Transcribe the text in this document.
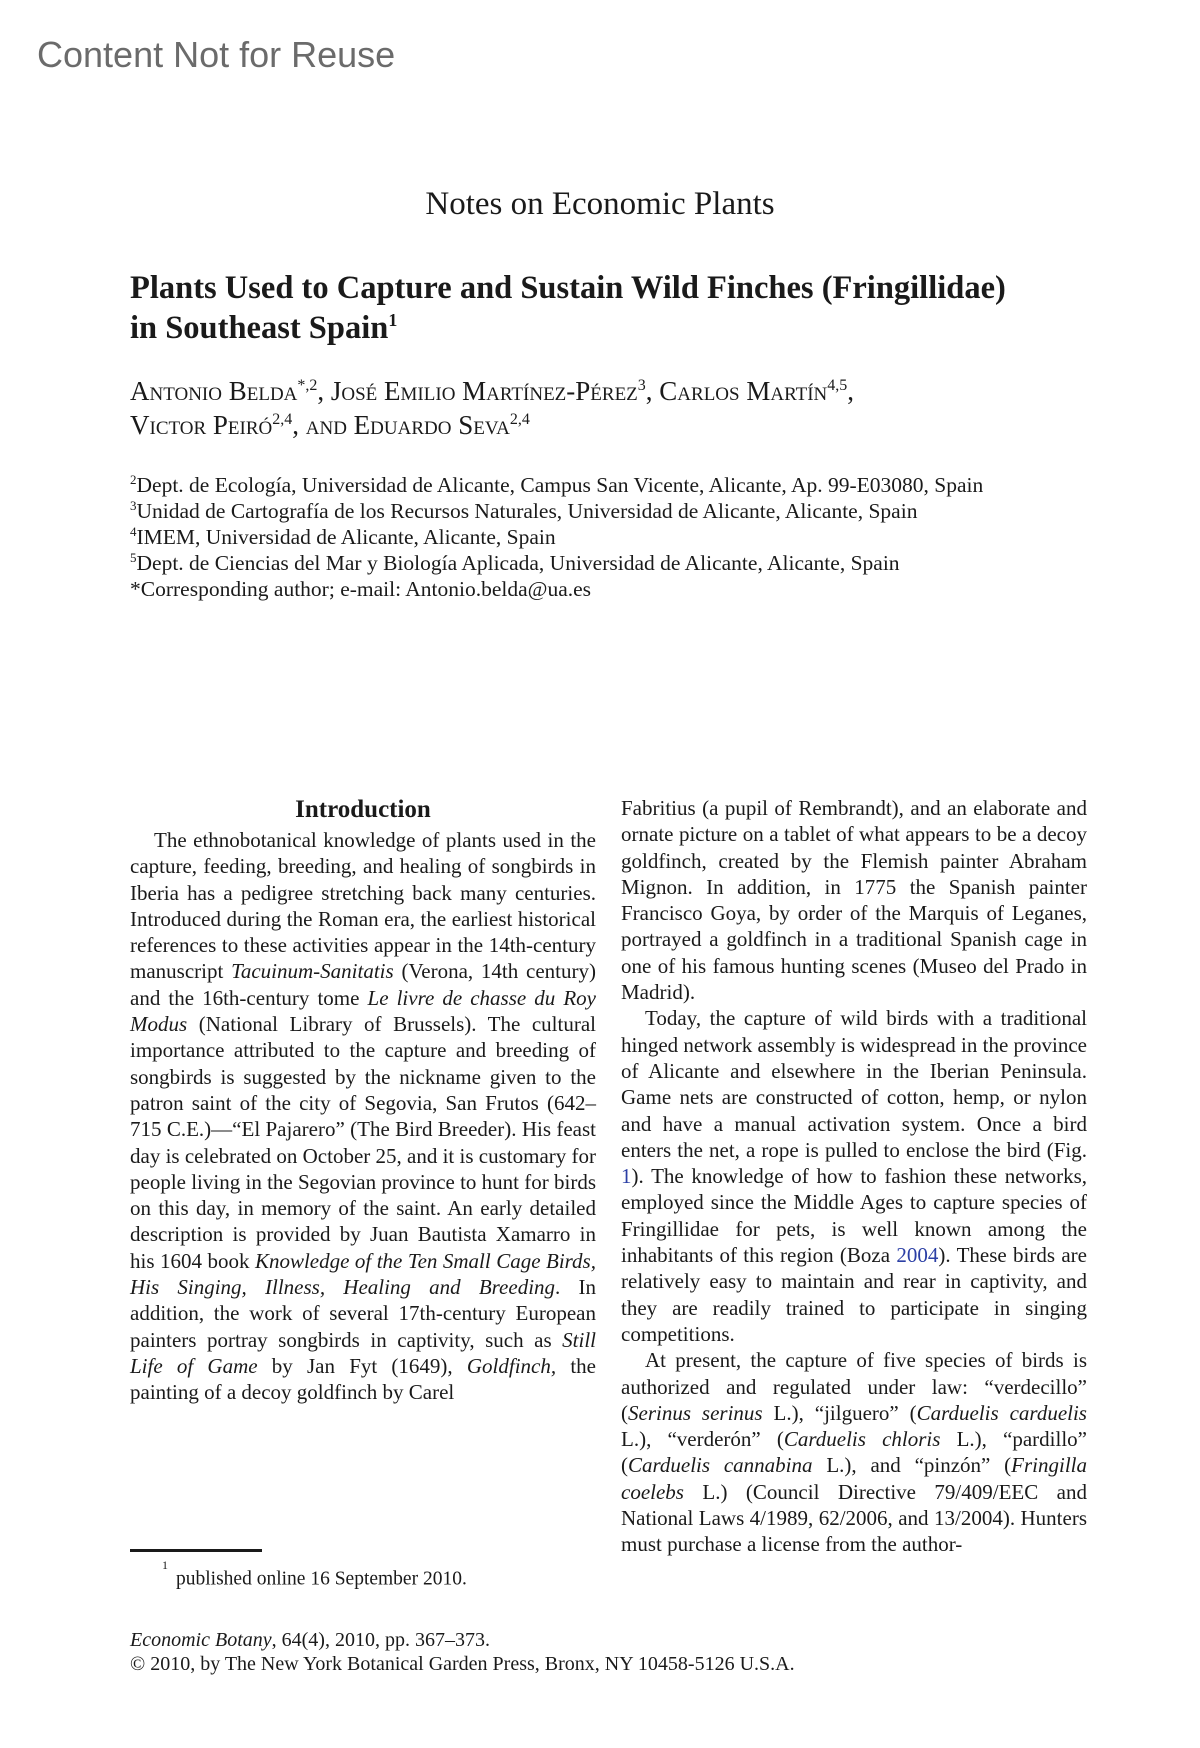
Content Not for Reuse
Notes on Economic Plants
Plants Used to Capture and Sustain Wild Finches (Fringillidae)
in Southeast Spain$^1$
Antonio Belda$^{*,2}$, José Emilio Martínez-Pérez$^3$, Carlos Martín$^{4,5}$,
Victor Peiró$^{2,4}$, and Eduardo Seva$^{2,4}$
$^2$Dept. de Ecología, Universidad de Alicante, Campus San Vicente, Alicante, Ap. 99-E03080, Spain
$^3$Unidad de Cartografía de los Recursos Naturales, Universidad de Alicante, Alicante, Spain
$^4$IMEM, Universidad de Alicante, Alicante, Spain
$^5$Dept. de Ciencias del Mar y Biología Aplicada, Universidad de Alicante, Alicante, Spain
*Corresponding author; e-mail: Antonio.belda@ua.es
Introduction

The ethnobotanical knowledge of plants used in the capture, feeding, breeding, and healing of songbirds in Iberia has a pedigree stretching back many centuries. Introduced during the Roman era, the earliest historical references to these activities appear in the 14th-century manuscript Tacuinum-Sanitatis (Verona, 14th century) and the 16th-century tome Le livre de chasse du Roy Modus (National Library of Brussels). The cultural importance attributed to the capture and breeding of songbirds is suggested by the nickname given to the patron saint of the city of Segovia, San Frutos (642–715 C.E.)—“El Pajarero” (The Bird Breeder). His feast day is celebrated on October 25, and it is customary for people living in the Segovian province to hunt for birds on this day, in memory of the saint. An early detailed description is provided by Juan Bautista Xamarro in his 1604 book Knowledge of the Ten Small Cage Birds, His Singing, Illness, Healing and Breeding. In addition, the work of several 17th-century European painters portray songbirds in captivity, such as Still Life of Game by Jan Fyt (1649), Goldfinch, the painting of a decoy goldfinch by Carel

Fabritius (a pupil of Rembrandt), and an elaborate and ornate picture on a tablet of what appears to be a decoy goldfinch, created by the Flemish painter Abraham Mignon. In addition, in 1775 the Spanish painter Francisco Goya, by order of the Marquis of Leganes, portrayed a goldfinch in a traditional Spanish cage in one of his famous hunting scenes (Museo del Prado in Madrid).

Today, the capture of wild birds with a traditional hinged network assembly is widespread in the province of Alicante and elsewhere in the Iberian Peninsula. Game nets are constructed of cotton, hemp, or nylon and have a manual activation system. Once a bird enters the net, a rope is pulled to enclose the bird (Fig. 1). The knowledge of how to fashion these networks, employed since the Middle Ages to capture species of Fringillidae for pets, is well known among the inhabitants of this region (Boza 2004). These birds are relatively easy to maintain and rear in captivity, and they are readily trained to participate in singing competitions.

At present, the capture of five species of birds is authorized and regulated under law: “verdecillo” (Serinus serinus L.), “jilguero” (Carduelis carduelis L.), “verderón” (Carduelis chloris L.), “pardillo” (Carduelis cannabina L.), and “pinzón” (Fringilla coelebs L.) (Council Directive 79/409/EEC and National Laws 4/1989, 62/2006, and 13/2004). Hunters must purchase a license from the author-

$^1$published online 16 September 2010.
Economic Botany, 64(4), 2010, pp. 367–373.
© 2010, by The New York Botanical Garden Press, Bronx, NY 10458-5126 U.S.A.
